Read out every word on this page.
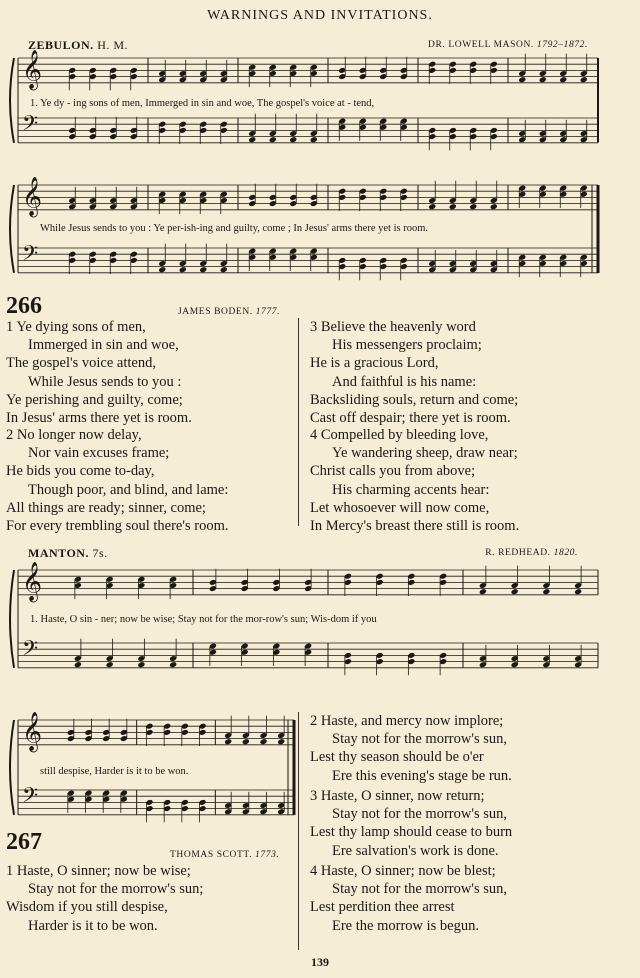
WARNINGS AND INVITATIONS.
ZEBULON. H. M.	DR. LOWELL MASON. 1792–1872.
𝄞
𝄢
𝄞
𝄢
𝄞
𝄢
𝄞
𝄢
1. Ye dy - ing sons of men, Immerged in sin and woe, The gospel's voice at - tend,
While Jesus sends to you : Ye per-ish-ing and guilty, come ; In Jesus' arms there yet is room.
266	JAMES BODEN. 1777.
1 Ye dying sons of men,
Immerged in sin and woe,
The gospel's voice attend,
While Jesus sends to you :
Ye perishing and guilty, come;
In Jesus' arms there yet is room.
2 No longer now delay,
Nor vain excuses frame;
He bids you come to-day,
Though poor, and blind, and lame:
All things are ready; sinner, come;
For every trembling soul there's room.
3 Believe the heavenly word
His messengers proclaim;
He is a gracious Lord,
And faithful is his name:
Backsliding souls, return and come;
Cast off despair; there yet is room.
4 Compelled by bleeding love,
Ye wandering sheep, draw near;
Christ calls you from above;
His charming accents hear:
Let whosoever will now come,
In Mercy's breast there still is room.
MANTON. 7s.	R. REDHEAD. 1820.
1. Haste, O sin - ner; now be wise; Stay not for the mor-row's sun; Wis-dom if you
still despise, Harder is it to be won.
267	THOMAS SCOTT. 1773.
1 Haste, O sinner; now be wise;
Stay not for the morrow's sun;
Wisdom if you still despise,
Harder is it to be won.
2 Haste, and mercy now implore;
Stay not for the morrow's sun,
Lest thy season should be o'er
Ere this evening's stage be run.
3 Haste, O sinner, now return;
Stay not for the morrow's sun,
Lest thy lamp should cease to burn
Ere salvation's work is done.
4 Haste, O sinner; now be blest;
Stay not for the morrow's sun,
Lest perdition thee arrest
Ere the morrow is begun.
139
